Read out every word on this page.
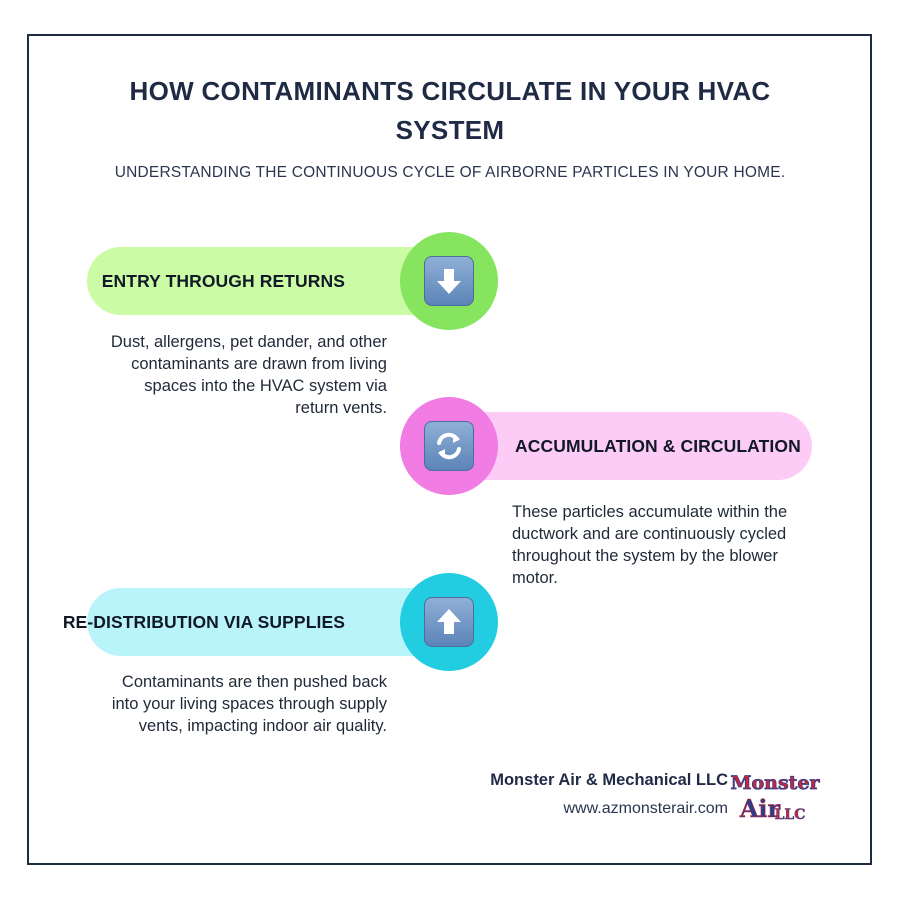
HOW CONTAMINANTS CIRCULATE IN YOUR HVAC SYSTEM
UNDERSTANDING THE CONTINUOUS CYCLE OF AIRBORNE PARTICLES IN YOUR HOME.
ENTRY THROUGH RETURNS
Dust, allergens, pet dander, and other contaminants are drawn from living spaces into the HVAC system via return vents.
ACCUMULATION & CIRCULATION
These particles accumulate within the ductwork and are continuously cycled throughout the system by the blower motor.
RE-DISTRIBUTION VIA SUPPLIES
Contaminants are then pushed back into your living spaces through supply vents, impacting indoor air quality.
Monster Air & Mechanical LLC
www.azmonsterair.com
Monster
Air
LLC
